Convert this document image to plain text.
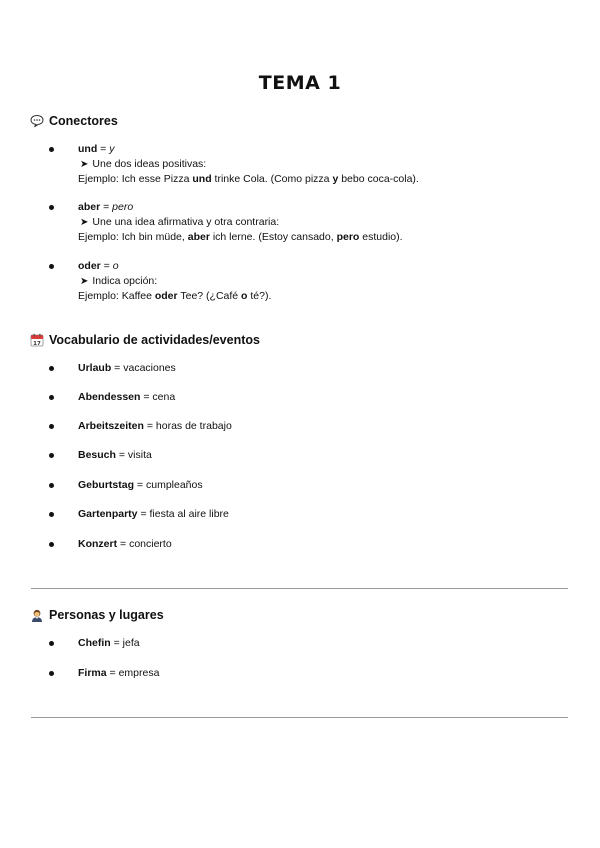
TEMA 1
Conectores
und = y
➤ Une dos ideas positivas:
Ejemplo: Ich esse Pizza und trinke Cola. (Como pizza y bebo coca-cola).
aber = pero
➤ Une una idea afirmativa y otra contraria:
Ejemplo: Ich bin müde, aber ich lerne. (Estoy cansado, pero estudio).
oder = o
➤ Indica opción:
Ejemplo: Kaffee oder Tee? (¿Café o té?).
17 Vocabulario de actividades/eventos
Urlaub = vacaciones
Abendessen = cena
Arbeitszeiten = horas de trabajo
Besuch = visita
Geburtstag = cumpleaños
Gartenparty = fiesta al aire libre
Konzert = concierto
Personas y lugares
Chefin = jefa
Firma = empresa
